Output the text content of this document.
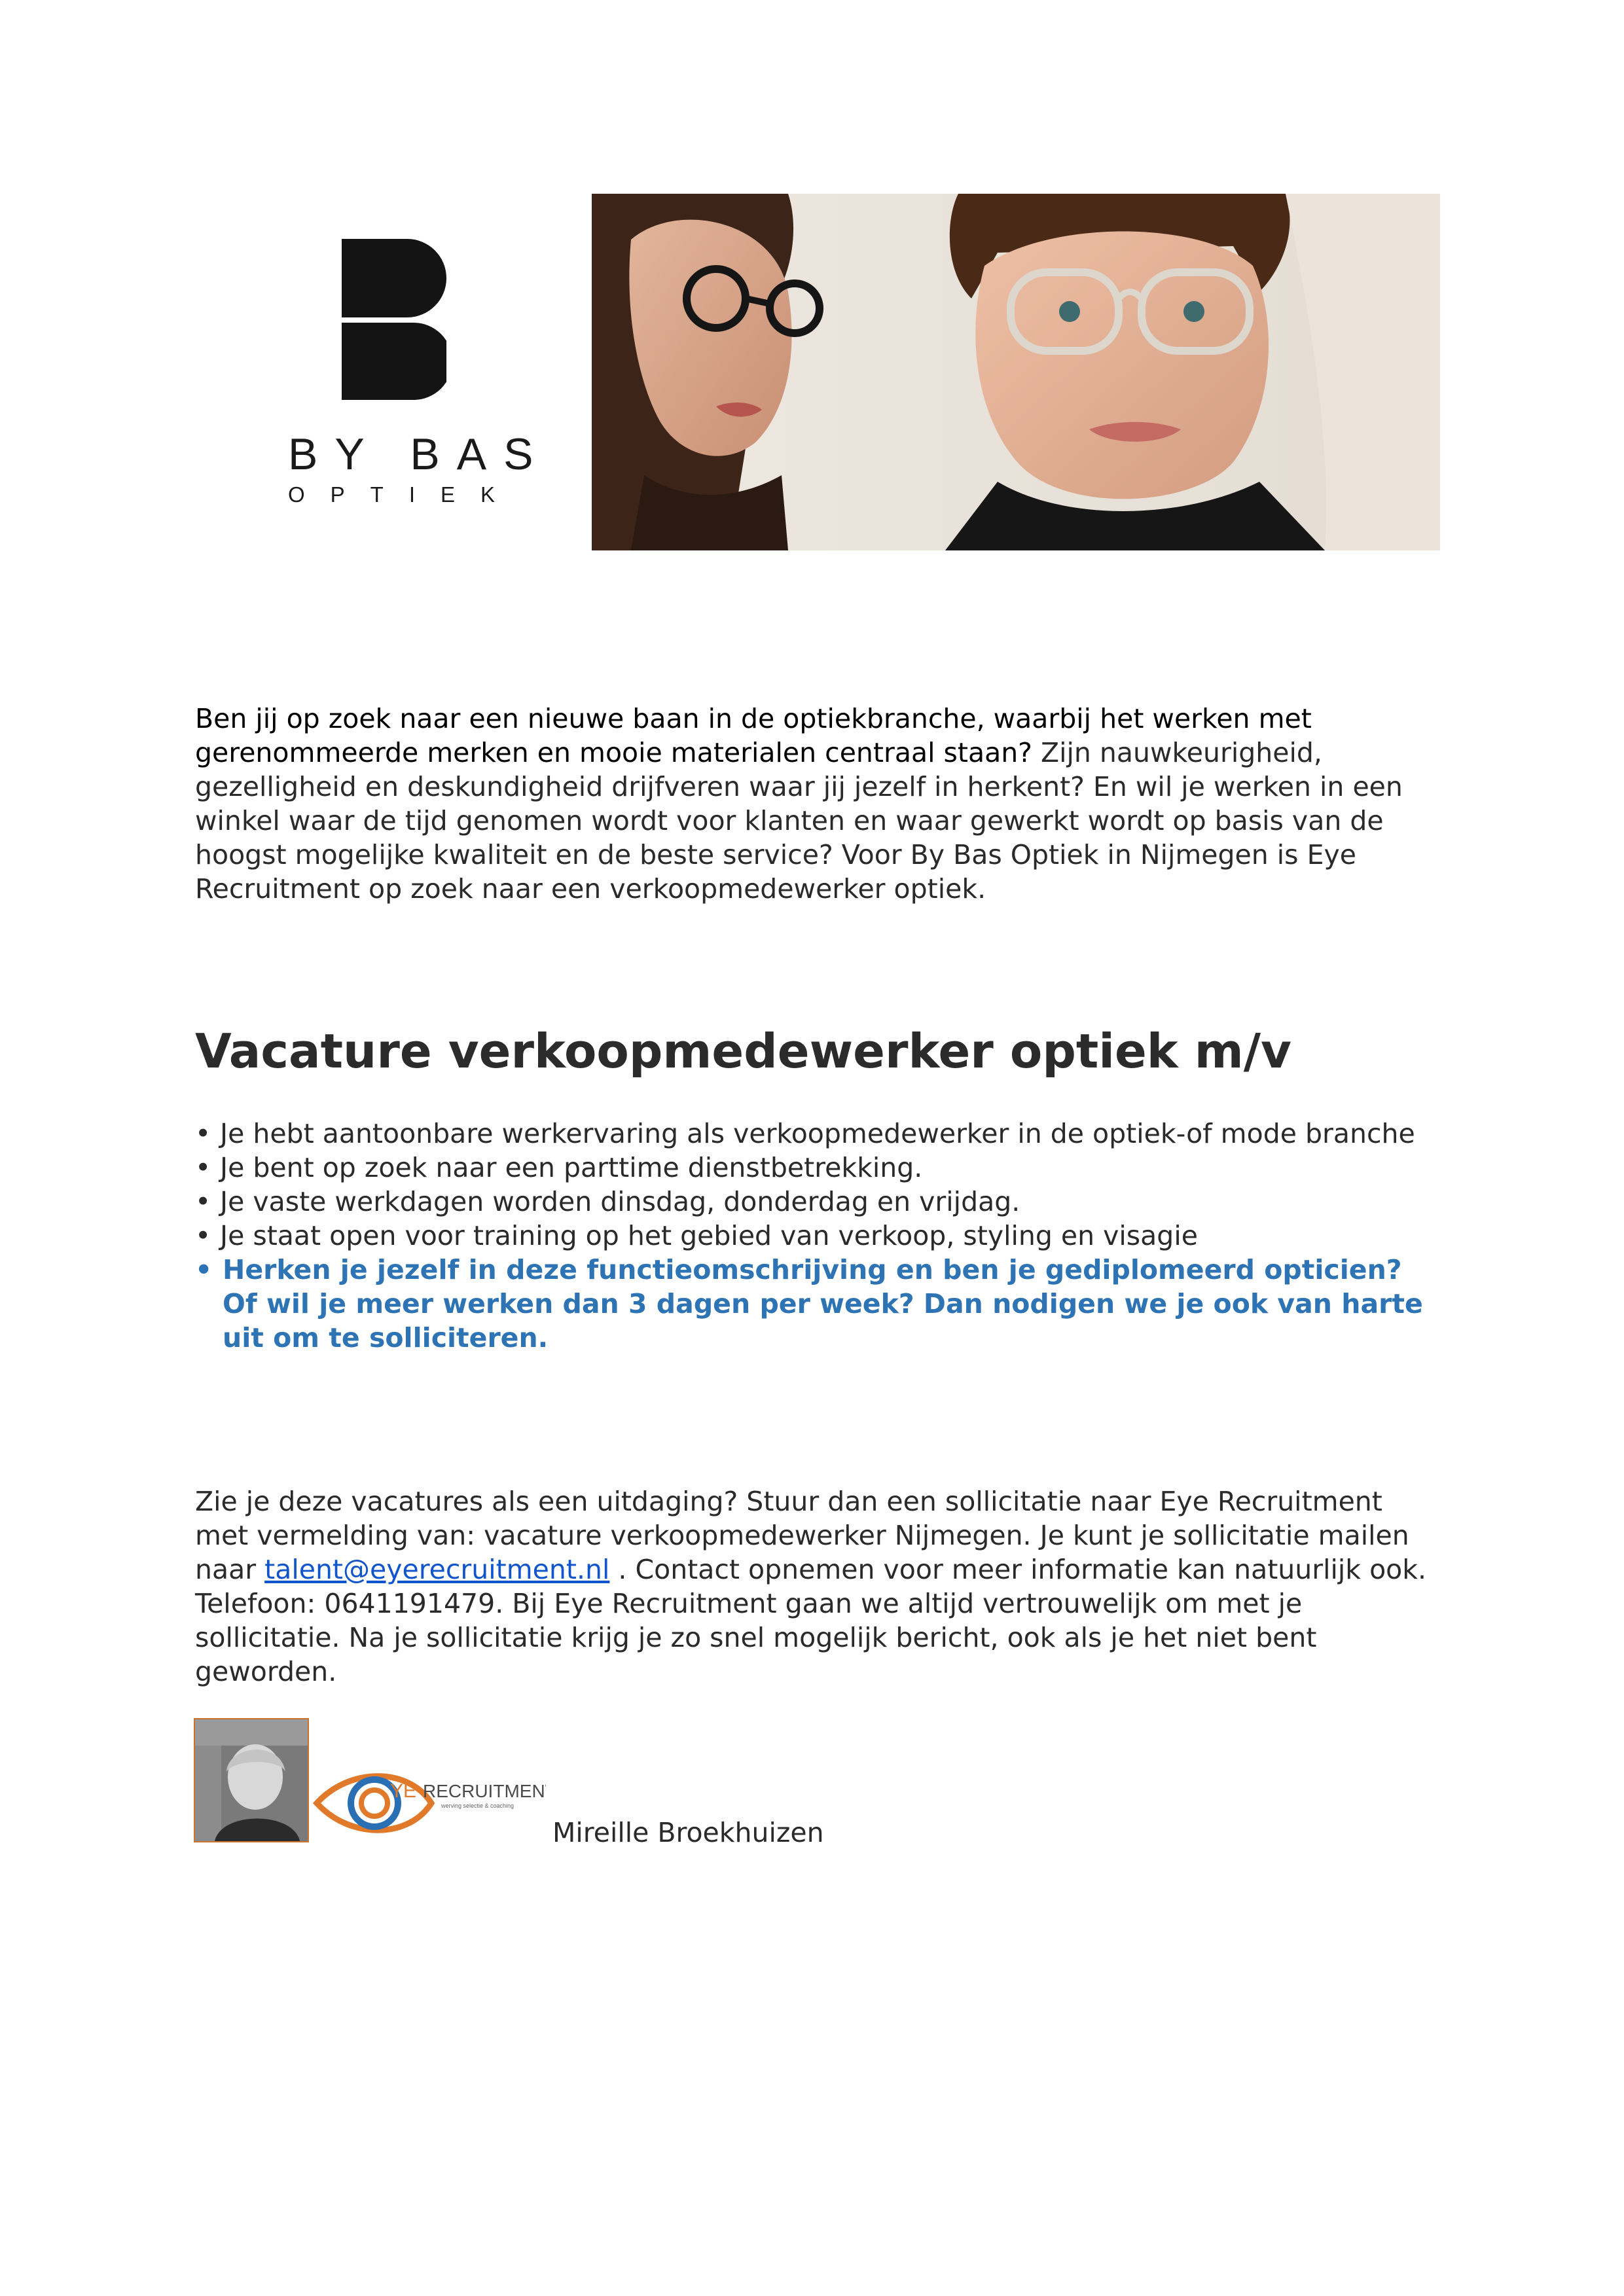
BY BAS
OPTIEK

Ben jij op zoek naar een nieuwe baan in de optiekbranche, waarbij het werken met gerenommeerde merken en mooie materialen centraal staan? Zijn nauwkeurigheid, gezelligheid en deskundigheid drijfveren waar jij jezelf in herkent? En wil je werken in een winkel waar de tijd genomen wordt voor klanten en waar gewerkt wordt op basis van de hoogst mogelijke kwaliteit en de beste service? Voor By Bas Optiek in Nijmegen is Eye Recruitment op zoek naar een verkoopmedewerker optiek.

Vacature verkoopmedewerker optiek m/v
• Je hebt aantoonbare werkervaring als verkoopmedewerker in de optiek-of mode branche
• Je bent op zoek naar een parttime dienstbetrekking.
• Je vaste werkdagen worden dinsdag, donderdag en vrijdag.
• Je staat open voor training op het gebied van verkoop, styling en visagie
• Herken je jezelf in deze functieomschrijving en ben je gediplomeerd opticien? Of wil je meer werken dan 3 dagen per week? Dan nodigen we je ook van harte uit om te solliciteren.

Zie je deze vacatures als een uitdaging? Stuur dan een sollicitatie naar Eye Recruitment met vermelding van: vacature verkoopmedewerker Nijmegen. Je kunt je sollicitatie mailen naar talent@eyerecruitment.nl . Contact opnemen voor meer informatie kan natuurlijk ook. Telefoon: 0641191479. Bij Eye Recruitment gaan we altijd vertrouwelijk om met je sollicitatie. Na je sollicitatie krijg je zo snel mogelijk bericht, ook als je het niet bent geworden.

YE RECRUITMENT
werving selectie & coaching

Mireille Broekhuizen
